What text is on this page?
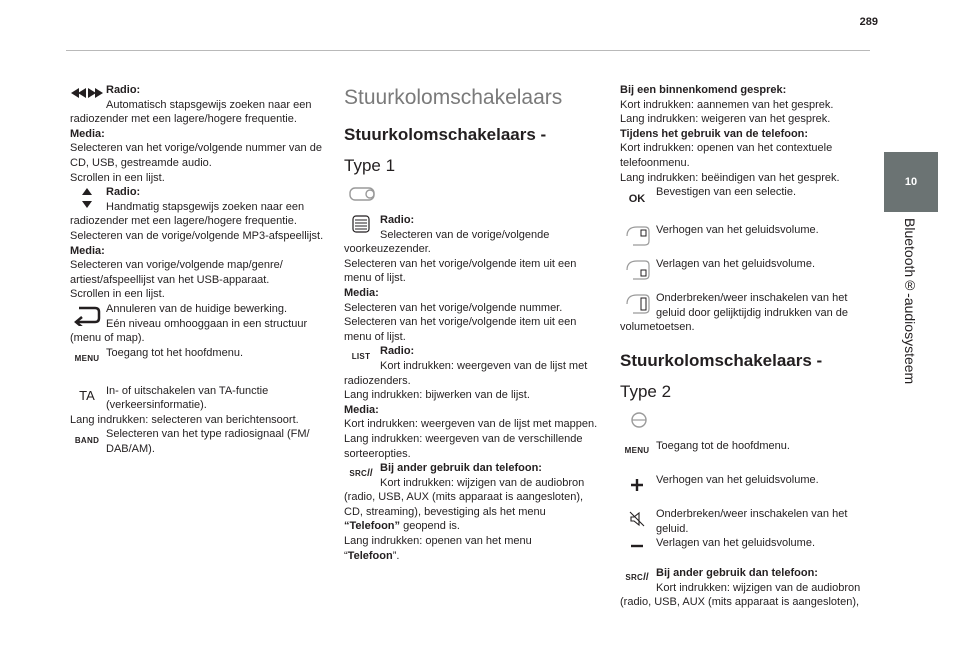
289
10
Bluetooth®-audiosysteem

Radio:
Automatisch stapsgewijs zoeken naar een

radiozender met een lagere/hogere frequentie.

Media:

Selecteren van het vorige/volgende nummer van de CD, USB, gestreamde audio.

Scrollen in een lijst.

Radio:
Handmatig stapsgewijs zoeken naar een

radiozender met een lagere/hogere frequentie.

Selecteren van de vorige/volgende MP3-afspeellijst.

Media:

Selecteren van vorige/volgende map/genre/ artiest/afspeellijst van het USB-apparaat.

Scrollen in een lijst.

Annuleren van de huidige bewerking.

Eén niveau omhooggaan in een structuur (menu of map).

MENU

Toegang tot het hoofdmenu.

TA	In- of uitschakelen van TA-functie (verkeersinformatie).

Lang indrukken: selecteren van berichtensoort.

BAND

Selecteren van het type radiosignaal (FM/ DAB/AM).

Stuurkolomschakelaars
Stuurkolomschakelaars -
Type 1

Radio:
Selecteren van de vorige/volgende voorkeuzezender.

Selecteren van het vorige/volgende item uit een menu of lijst.

Media:

Selecteren van het vorige/volgende nummer.

Selecteren van het vorige/volgende item uit een menu of lijst.

LIST Radio:
Kort indrukken: weergeven van de lijst met radiozenders.

Lang indrukken: bijwerken van de lijst.

Media:

Kort indrukken: weergeven van de lijst met mappen.

Lang indrukken: weergeven van de verschillende sorteeropties.

SRC // Bij ander gebruik dan telefoon:

Kort indrukken: wijzigen van de audiobron (radio, USB, AUX (mits apparaat is aangesloten), CD, streaming), bevestiging als het menu “Telefoon” geopend is.

Lang indrukken: openen van het menu
“Telefoon”.

Bij een binnenkomend gesprek:

Kort indrukken: aannemen van het gesprek.

Lang indrukken: weigeren van het gesprek.

Tijdens het gebruik van de telefoon:

Kort indrukken: openen van het contextuele telefoonmenu.

Lang indrukken: beëindigen van het gesprek.

OK

Bevestigen van een selectie.

Verhogen van het geluidsvolume.

Verlagen van het geluidsvolume.

Onderbreken/weer inschakelen van het geluid door gelijktijdig indrukken van de volumetoetsen.

Stuurkolomschakelaars -
Type 2
MENU Toegang tot de hoofdmenu.

Verhogen van het geluidsvolume.

Onderbreken/weer inschakelen van het geluid.

Verlagen van het geluidsvolume.

SRC // Bij ander gebruik dan telefoon:

Kort indrukken: wijzigen van de audiobron (radio, USB, AUX (mits apparaat is aangesloten),
